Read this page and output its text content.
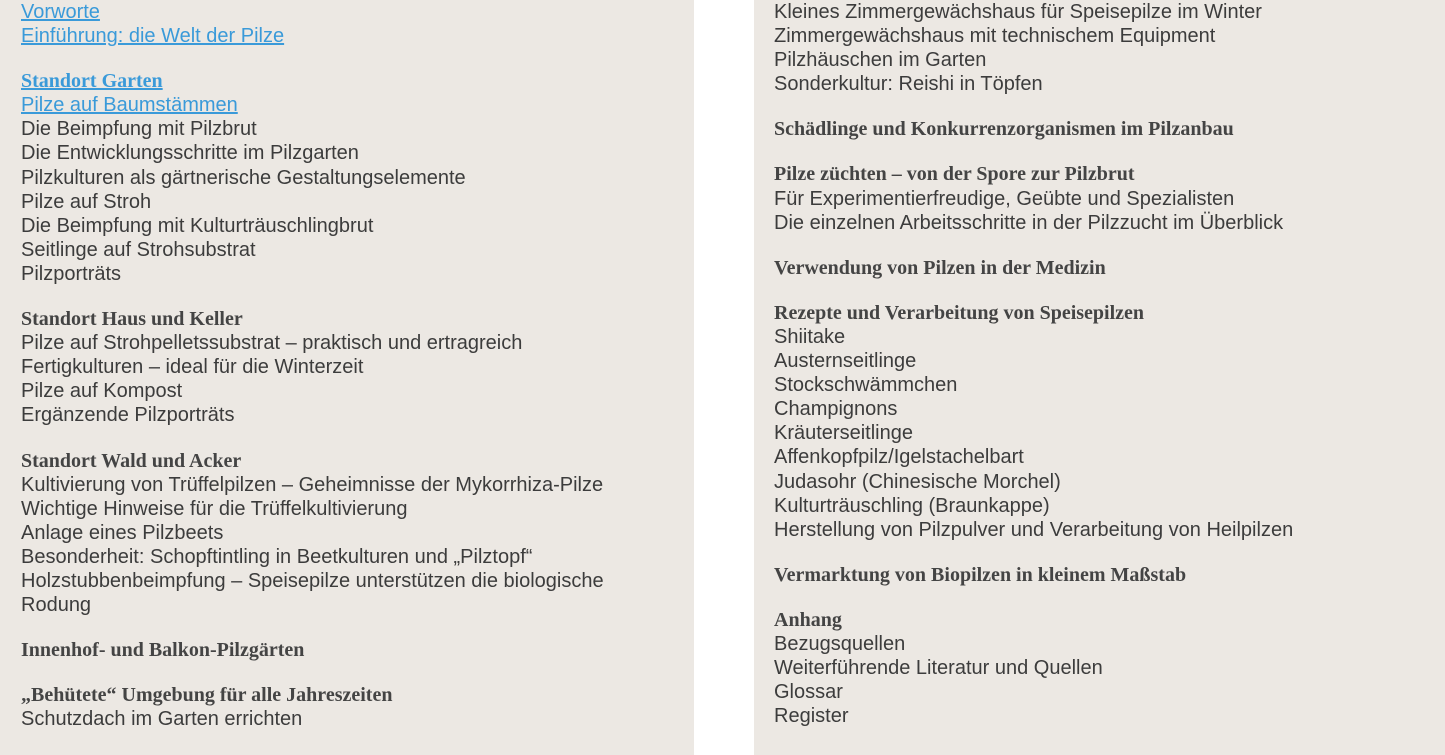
Vorworte

Einführung: die Welt der Pilze

Standort Garten

Pilze auf Baumstämmen

Die Beimpfung mit Pilzbrut

Die Entwicklungsschritte im Pilzgarten

Pilzkulturen als gärtnerische Gestaltungselemente

Pilze auf Stroh

Die Beimpfung mit Kulturträuschlingbrut

Seitlinge auf Strohsubstrat

Pilzporträts

Standort Haus und Keller

Pilze auf Strohpelletssubstrat – praktisch und ertragreich

Fertigkulturen – ideal für die Winterzeit

Pilze auf Kompost

Ergänzende Pilzporträts

Standort Wald und Acker

Kultivierung von Trüffelpilzen – Geheimnisse der Mykorrhiza-Pilze

Wichtige Hinweise für die Trüffelkultivierung

Anlage eines Pilzbeets

Besonderheit: Schopftintling in Beetkulturen und „Pilztopf“

Holzstubbenbeimpfung – Speisepilze unterstützen die biologische

Rodung

Innenhof- und Balkon-Pilzgärten

„Behütete“ Umgebung für alle Jahreszeiten

Schutzdach im Garten errichten

Kleines Zimmergewächshaus für Speisepilze im Winter

Zimmergewächshaus mit technischem Equipment

Pilzhäuschen im Garten

Sonderkultur: Reishi in Töpfen

Schädlinge und Konkurrenzorganismen im Pilzanbau

Pilze züchten – von der Spore zur Pilzbrut

Für Experimentierfreudige, Geübte und Spezialisten

Die einzelnen Arbeitsschritte in der Pilzzucht im Überblick

Verwendung von Pilzen in der Medizin

Rezepte und Verarbeitung von Speisepilzen

Shiitake

Austernseitlinge

Stockschwämmchen

Champignons

Kräuterseitlinge

Affenkopfpilz/Igelstachelbart

Judasohr (Chinesische Morchel)

Kulturträuschling (Braunkappe)

Herstellung von Pilzpulver und Verarbeitung von Heilpilzen

Vermarktung von Biopilzen in kleinem Maßstab

Anhang

Bezugsquellen

Weiterführende Literatur und Quellen

Glossar

Register
